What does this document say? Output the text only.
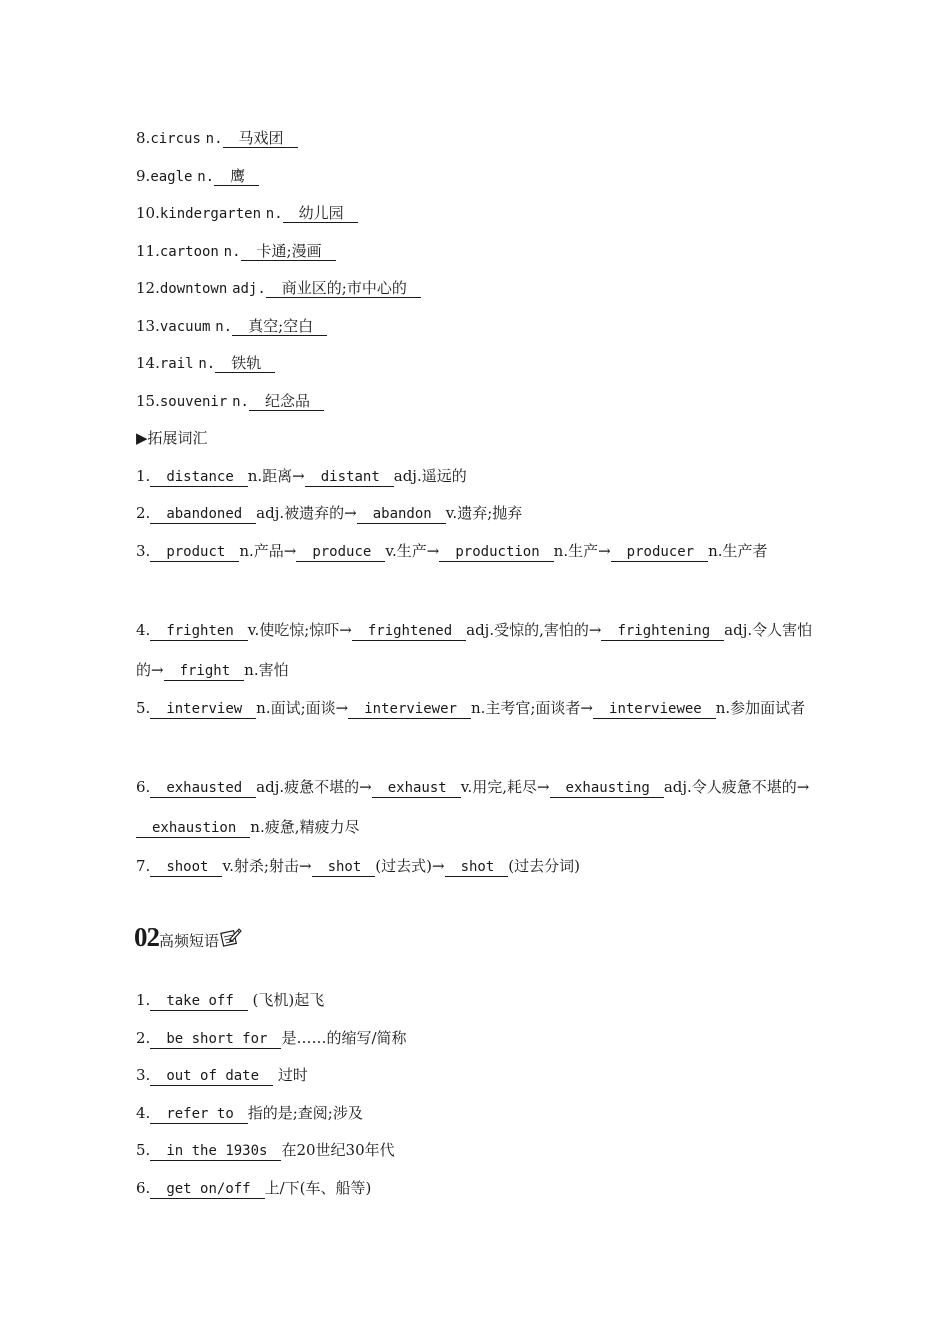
8.circus n. 马戏团
9.eagle n. 鹰
10.kindergarten n. 幼儿园
11.cartoon n. 卡通;漫画
12.downtown adj. 商业区的;市中心的
13.vacuum n. 真空;空白
14.rail n. 铁轨
15.souvenir n. 纪念品
▶拓展词汇
1. distance n.距离→ distant adj.遥远的
2. abandoned adj.被遗弃的→ abandon v.遗弃;抛弃
3. product n.产品→ produce v.生产→ production n.生产→ producer n.生产者
4. frighten v.使吃惊;惊吓→ frightened adj.受惊的,害怕的→ frightening adj.令人害怕的→ fright n.害怕
5. interview n.面试;面谈→ interviewer n.主考官;面谈者→ interviewee n.参加面试者
6. exhausted adj.疲惫不堪的→ exhaust v.用完,耗尽→ exhausting adj.令人疲惫不堪的→exhaustion n.疲惫,精疲力尽
7. shoot v.射杀;射击→ shot (过去式)→ shot (过去分词)
02高频短语
1. take off (飞机)起飞
2. be short for 是……的缩写/简称
3. out of date 过时
4. refer to 指的是;查阅;涉及
5. in the 1930s 在20世纪30年代
6. get on/off 上/下(车、船等)
